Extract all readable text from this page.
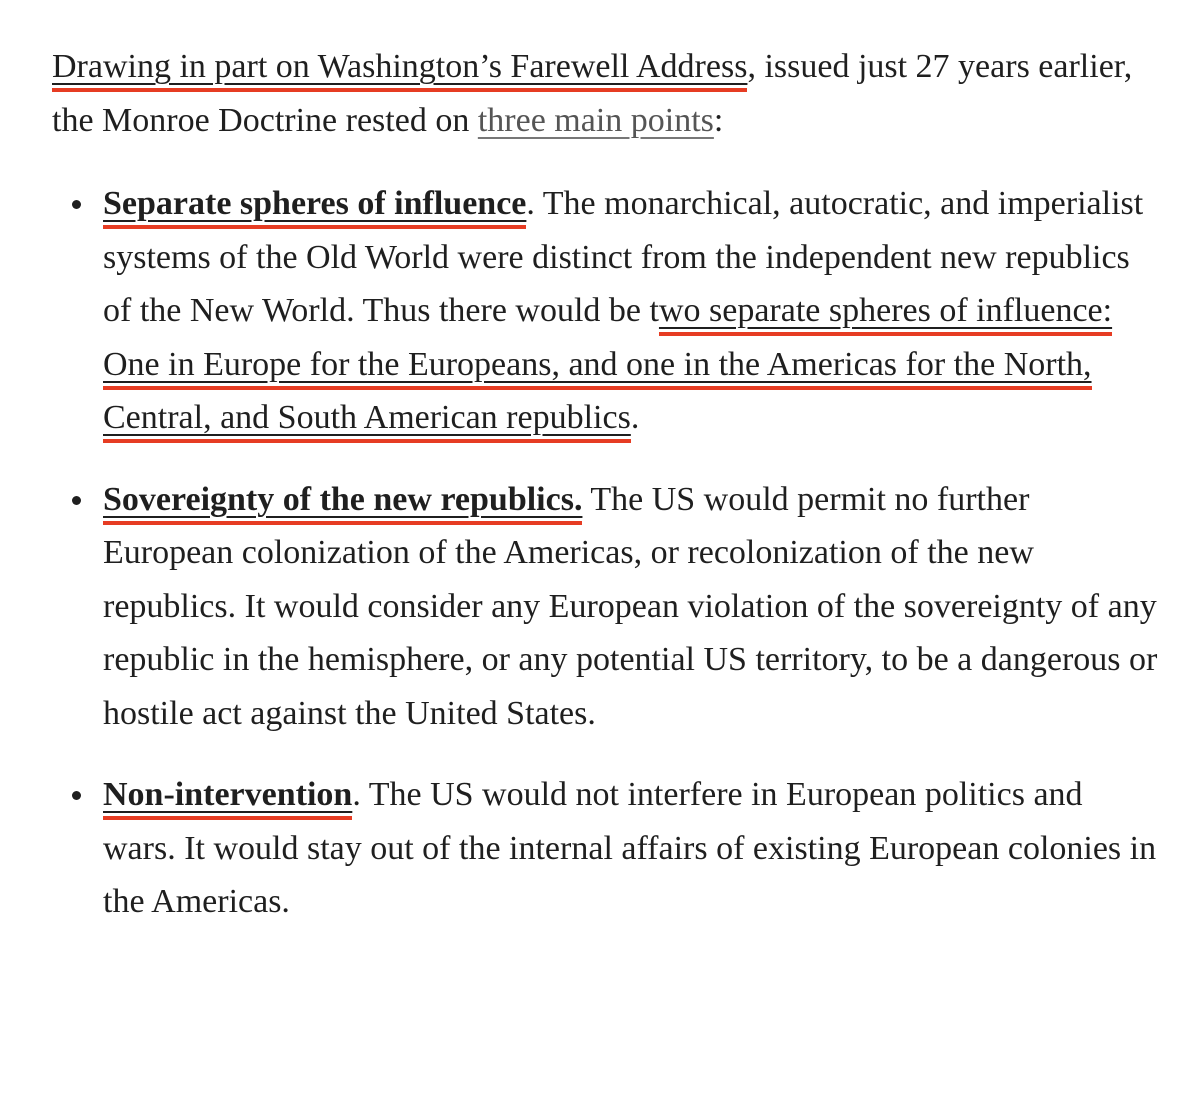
Drawing in part on Washington’s Farewell Address, issued just 27 years earlier, the Monroe Doctrine rested on three main points:

Separate spheres of influence. The monarchical, autocratic, and imperialist systems of the Old World were distinct from the independent new republics of the New World. Thus there would be two separate spheres of influence: One in Europe for the Europeans, and one in the Americas for the North, Central, and South American republics.
Sovereignty of the new republics. The US would permit no further European colonization of the Americas, or recolonization of the new republics. It would consider any European violation of the sovereignty of any republic in the hemisphere, or any potential US territory, to be a dangerous or hostile act against the United States.
Non-intervention. The US would not interfere in European politics and wars. It would stay out of the internal affairs of existing European colonies in the Americas.
